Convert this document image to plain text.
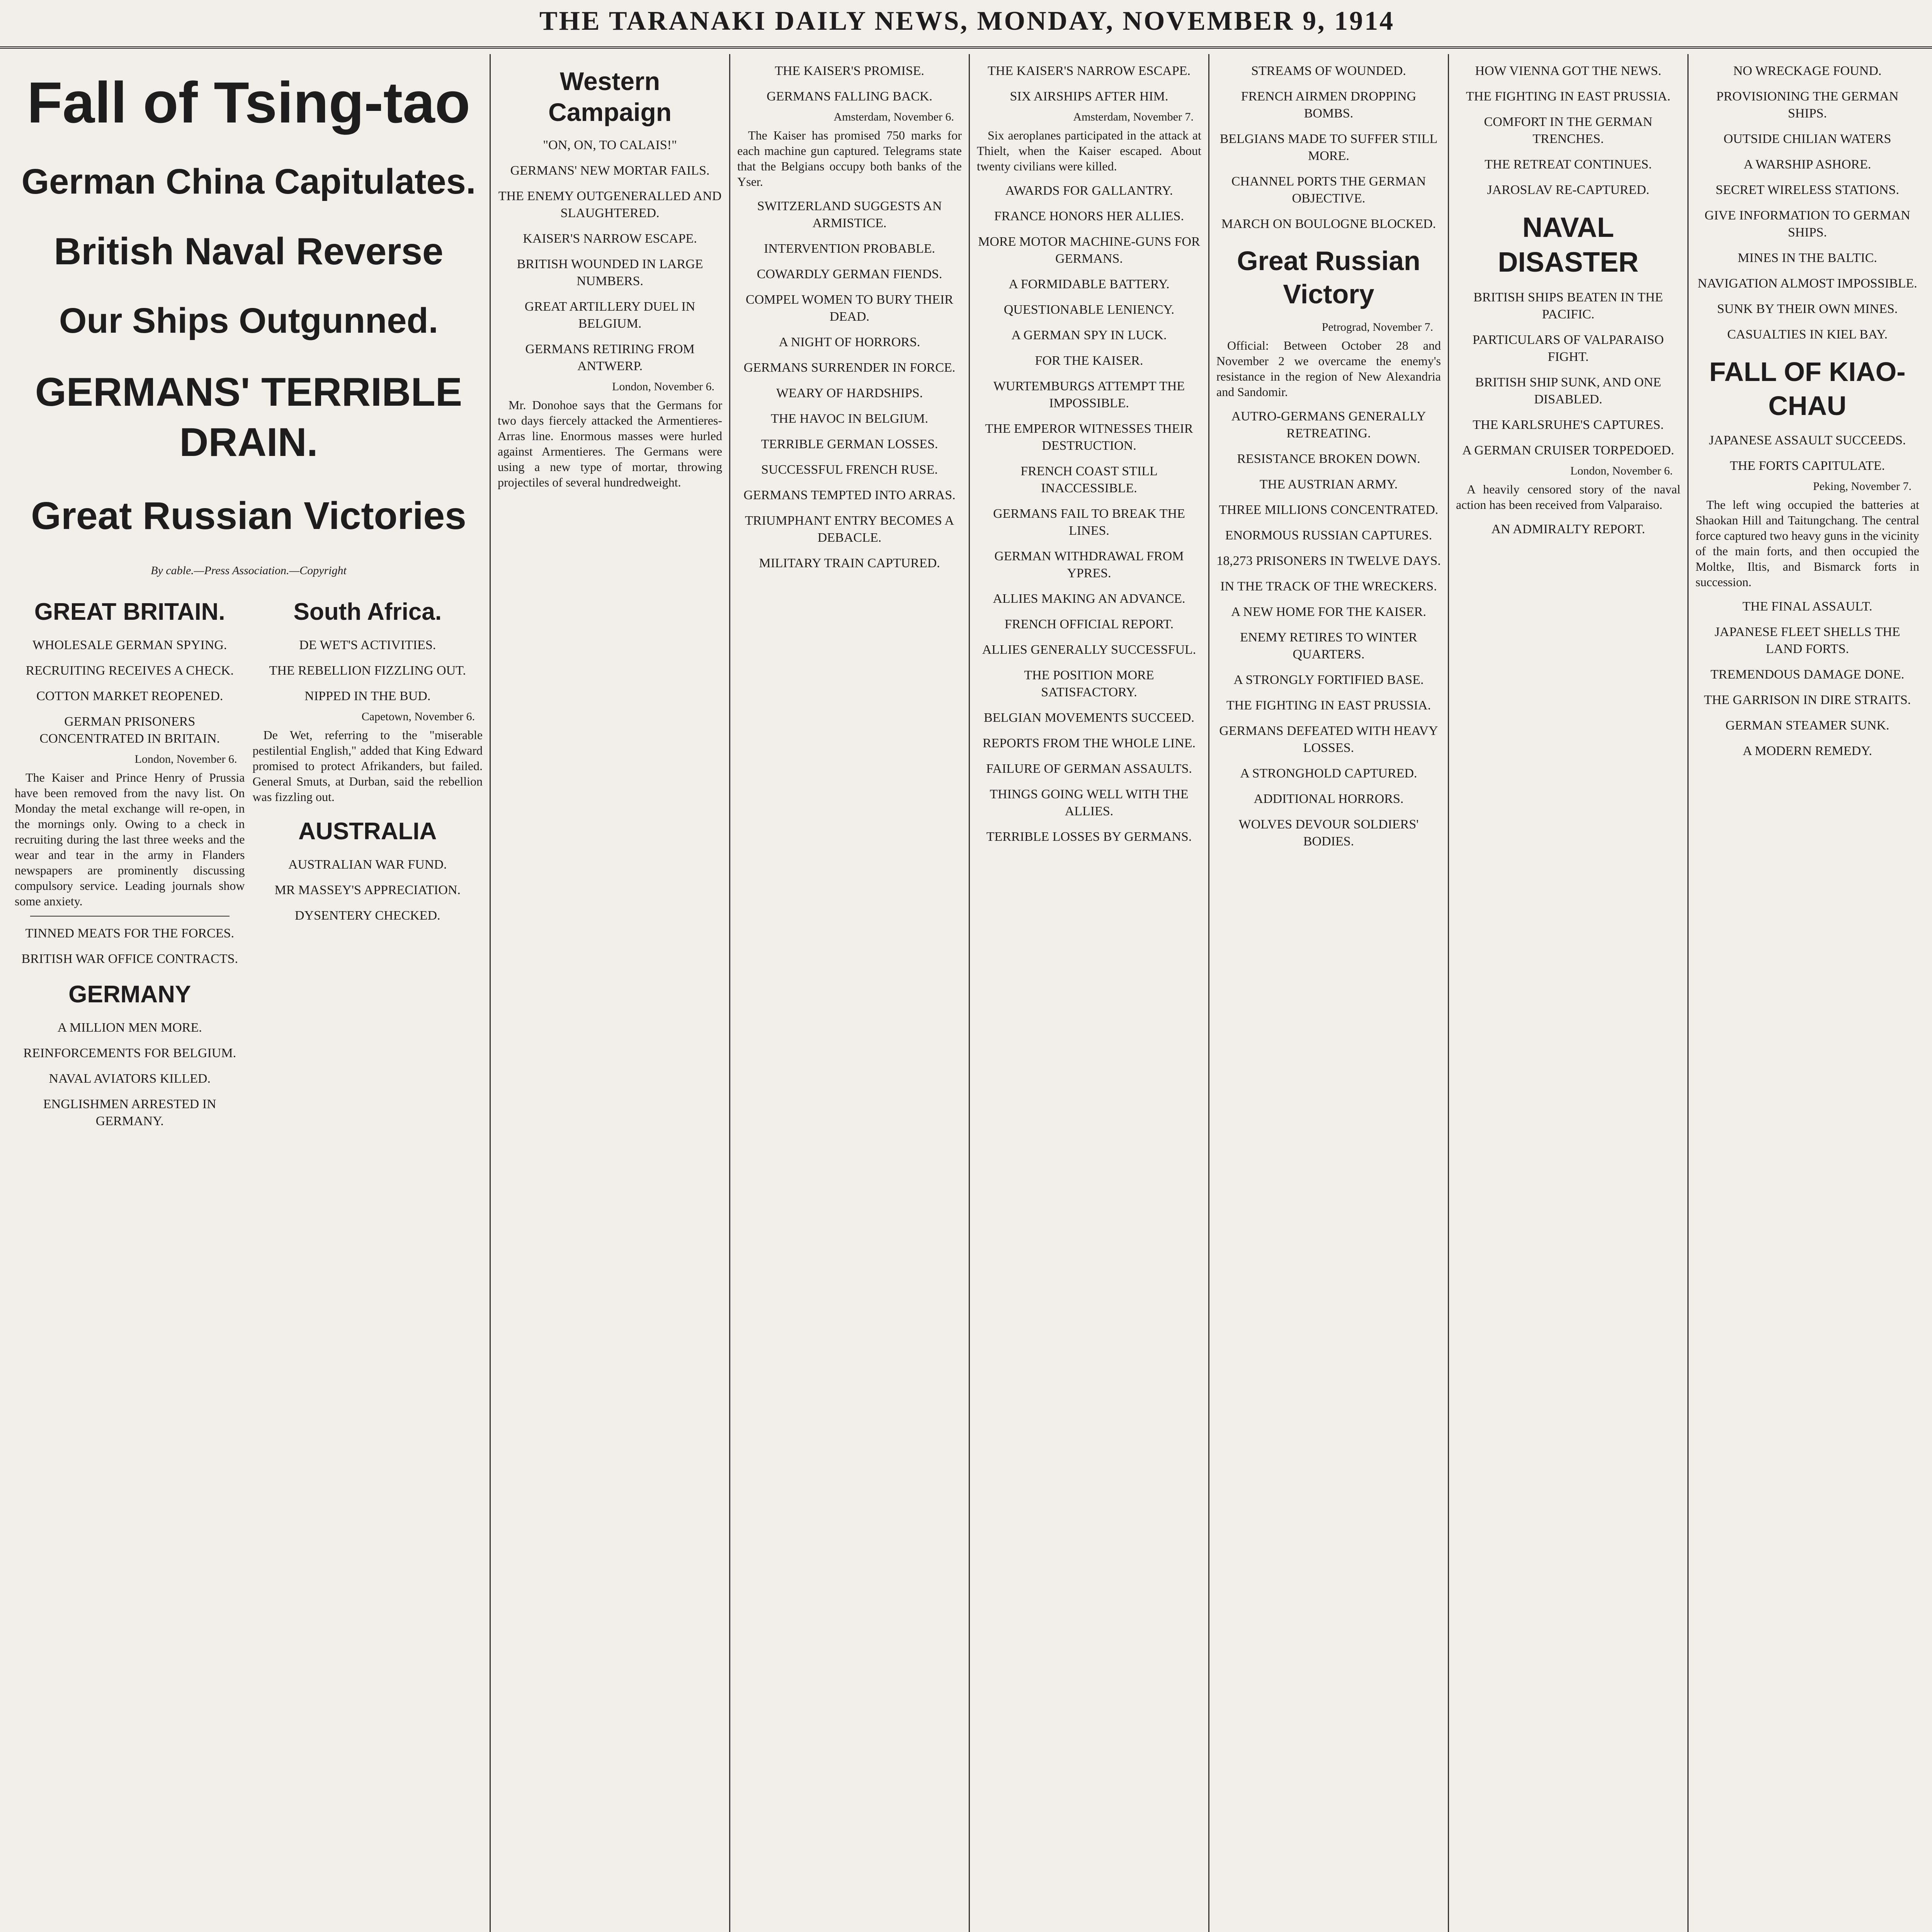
THE TARANAKI DAILY NEWS, MONDAY, NOVEMBER 9, 1914
Fall of Tsing-tao
German China Capitulates.
British Naval Reverse
Our Ships Outgunned.
GERMANS' TERRIBLE DRAIN.
Great Russian Victories
By cable.—Press Association.—Copyright
GREAT BRITAIN.
WHOLESALE GERMAN SPYING.
RECRUITING RECEIVES A CHECK.
COTTON MARKET REOPENED.
GERMAN PRISONERS CONCENTRATED IN BRITAIN.
London, November 6.

The Kaiser and Prince Henry of Prussia have been removed from the navy list. On Monday the metal exchange will re-open, in the mornings only. Owing to a check in recruiting during the last three weeks and the wear and tear in the army in Flanders newspapers are prominently discussing compulsory service. Leading journals show some anxiety.

TINNED MEATS FOR THE FORCES.
BRITISH WAR OFFICE CONTRACTS.
GERMANY
A MILLION MEN MORE.
REINFORCEMENTS FOR BELGIUM.
NAVAL AVIATORS KILLED.
ENGLISHMEN ARRESTED IN GERMANY.
South Africa.
DE WET'S ACTIVITIES.
THE REBELLION FIZZLING OUT.
NIPPED IN THE BUD.
Capetown, November 6.

De Wet, referring to the "miserable pestilential English," added that King Edward promised to protect Afrikanders, but failed. General Smuts, at Durban, said the rebellion was fizzling out.

AUSTRALIA
AUSTRALIAN WAR FUND.
MR MASSEY'S APPRECIATION.
DYSENTERY CHECKED.
Western Campaign
"ON, ON, TO CALAIS!"
GERMANS' NEW MORTAR FAILS.
THE ENEMY OUTGENERALLED AND SLAUGHTERED.
KAISER'S NARROW ESCAPE.
BRITISH WOUNDED IN LARGE NUMBERS.
GREAT ARTILLERY DUEL IN BELGIUM.
GERMANS RETIRING FROM ANTWERP.
London, November 6.

Mr. Donohoe says that the Germans for two days fiercely attacked the Armentieres-Arras line. Enormous masses were hurled against Armentieres. The Germans were using a new type of mortar, throwing projectiles of several hundredweight.

THE KAISER'S PROMISE.
GERMANS FALLING BACK.
Amsterdam, November 6.

The Kaiser has promised 750 marks for each machine gun captured. Telegrams state that the Belgians occupy both banks of the Yser.

SWITZERLAND SUGGESTS AN ARMISTICE.
INTERVENTION PROBABLE.
COWARDLY GERMAN FIENDS.
COMPEL WOMEN TO BURY THEIR DEAD.
A NIGHT OF HORRORS.
GERMANS SURRENDER IN FORCE.
WEARY OF HARDSHIPS.
THE HAVOC IN BELGIUM.
TERRIBLE GERMAN LOSSES.
SUCCESSFUL FRENCH RUSE.
GERMANS TEMPTED INTO ARRAS.
TRIUMPHANT ENTRY BECOMES A DEBACLE.
MILITARY TRAIN CAPTURED.
THE KAISER'S NARROW ESCAPE.
SIX AIRSHIPS AFTER HIM.
Amsterdam, November 7.

Six aeroplanes participated in the attack at Thielt, when the Kaiser escaped. About twenty civilians were killed.

AWARDS FOR GALLANTRY.
FRANCE HONORS HER ALLIES.
MORE MOTOR MACHINE-GUNS FOR GERMANS.
A FORMIDABLE BATTERY.
QUESTIONABLE LENIENCY.
A GERMAN SPY IN LUCK.
FOR THE KAISER.
WURTEMBURGS ATTEMPT THE IMPOSSIBLE.
THE EMPEROR WITNESSES THEIR DESTRUCTION.
FRENCH COAST STILL INACCESSIBLE.
GERMANS FAIL TO BREAK THE LINES.
GERMAN WITHDRAWAL FROM YPRES.
ALLIES MAKING AN ADVANCE.
FRENCH OFFICIAL REPORT.
ALLIES GENERALLY SUCCESSFUL.
THE POSITION MORE SATISFACTORY.
BELGIAN MOVEMENTS SUCCEED.
REPORTS FROM THE WHOLE LINE.
FAILURE OF GERMAN ASSAULTS.
THINGS GOING WELL WITH THE ALLIES.
TERRIBLE LOSSES BY GERMANS.
STREAMS OF WOUNDED.
FRENCH AIRMEN DROPPING BOMBS.
BELGIANS MADE TO SUFFER STILL MORE.
CHANNEL PORTS THE GERMAN OBJECTIVE.
MARCH ON BOULOGNE BLOCKED.
Great Russian Victory
Petrograd, November 7.

Official: Between October 28 and November 2 we overcame the enemy's resistance in the region of New Alexandria and Sandomir.

AUTRO-GERMANS GENERALLY RETREATING.
RESISTANCE BROKEN DOWN.
THE AUSTRIAN ARMY.
THREE MILLIONS CONCENTRATED.
ENORMOUS RUSSIAN CAPTURES.
18,273 PRISONERS IN TWELVE DAYS.
IN THE TRACK OF THE WRECKERS.
A NEW HOME FOR THE KAISER.
ENEMY RETIRES TO WINTER QUARTERS.
A STRONGLY FORTIFIED BASE.
THE FIGHTING IN EAST PRUSSIA.
GERMANS DEFEATED WITH HEAVY LOSSES.
A STRONGHOLD CAPTURED.
ADDITIONAL HORRORS.
WOLVES DEVOUR SOLDIERS' BODIES.
HOW VIENNA GOT THE NEWS.
THE FIGHTING IN EAST PRUSSIA.
COMFORT IN THE GERMAN TRENCHES.
THE RETREAT CONTINUES.
JAROSLAV RE-CAPTURED.
NAVAL DISASTER
BRITISH SHIPS BEATEN IN THE PACIFIC.
PARTICULARS OF VALPARAISO FIGHT.
BRITISH SHIP SUNK, AND ONE DISABLED.
THE KARLSRUHE'S CAPTURES.
A GERMAN CRUISER TORPEDOED.
London, November 6.

A heavily censored story of the naval action has been received from Valparaiso.

AN ADMIRALTY REPORT.
NO WRECKAGE FOUND.
PROVISIONING THE GERMAN SHIPS.
OUTSIDE CHILIAN WATERS
A WARSHIP ASHORE.
SECRET WIRELESS STATIONS.
GIVE INFORMATION TO GERMAN SHIPS.
MINES IN THE BALTIC.
NAVIGATION ALMOST IMPOSSIBLE.
SUNK BY THEIR OWN MINES.
CASUALTIES IN KIEL BAY.
FALL OF KIAO-CHAU
JAPANESE ASSAULT SUCCEEDS.
THE FORTS CAPITULATE.
Peking, November 7.

The left wing occupied the batteries at Shaokan Hill and Taitungchang. The central force captured two heavy guns in the vicinity of the main forts, and then occupied the Moltke, Iltis, and Bismarck forts in succession.

THE FINAL ASSAULT.
JAPANESE FLEET SHELLS THE LAND FORTS.
TREMENDOUS DAMAGE DONE.
THE GARRISON IN DIRE STRAITS.
GERMAN STEAMER SUNK.
A MODERN REMEDY.
